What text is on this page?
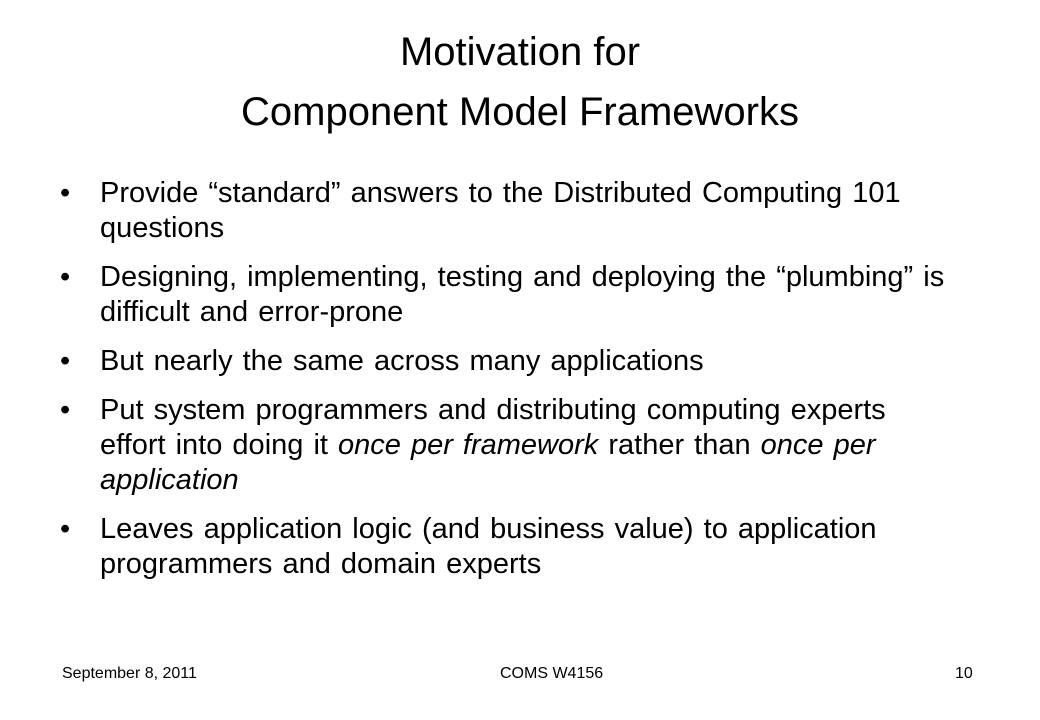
Motivation for
Component Model Frameworks
• Provide “standard” answers to the Distributed Computing 101 questions
• Designing, implementing, testing and deploying the “plumbing” is difficult and error-prone
• But nearly the same across many applications
• Put system programmers and distributing computing experts effort into doing it once per framework rather than once per application
• Leaves application logic (and business value) to application programmers and domain experts
September 8, 2011	COMS W4156	10
